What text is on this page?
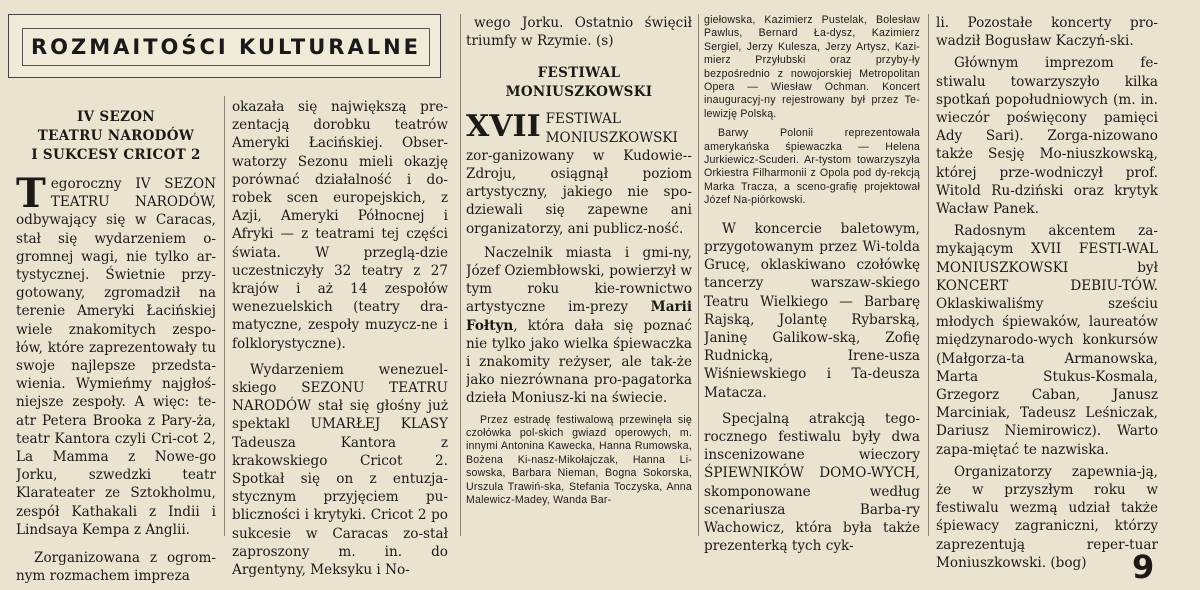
ROZMAITOŚCI KULTURALNE

IV SEZON

TEATRU NARODÓW

I SUKCESY CRICOT 2

Tegoroczny IV SEZON TEATRU NARODÓW, odbywający się w Caracas, stał się wydarzeniem o-gromnej wagi, nie tylko ar-tystycznej. Świetnie przy-gotowany, zgromadził na terenie Ameryki Łacińskiej wiele znakomitych zespo-łów, które zaprezentowały tu swoje najlepsze przedsta-wienia. Wymieńmy najgłoś-niejsze zespoły. A więc: te-atr Petera Brooka z Pary-ża, teatr Kantora czyli Cri-cot 2, La Mamma z Nowe-go Jorku, szwedzki teatr Klarateater ze Sztokholmu, zespół Kathakali z Indii i Lindsaya Kempa z Anglii.

Zorganizowana z ogrom-nym rozmachem impreza

okazała się największą pre-zentacją dorobku teatrów Ameryki Łacińskiej. Obser-watorzy Sezonu mieli okazję porównać działalność i do-robek scen europejskich, z Azji, Ameryki Północnej i Afryki — z teatrami tej części świata. W przeglą-dzie uczestniczyły 32 teatry z 27 krajów i aż 14 zespołów wenezuelskich (teatry dra-matyczne, zespoły muzycz-ne i folklorystyczne).

Wydarzeniem wenezuel-skiego SEZONU TEATRU NARODÓW stał się głośny już spektakl UMARŁEJ KLASY Tadeusza Kantora z krakowskiego Cricot 2. Spotkał się on z entuzja-stycznym przyjęciem pu-bliczności i krytyki. Cricot 2 po sukcesie w Caracas zo-stał zaproszony m. in. do Argentyny, Meksyku i No-

wego Jorku. Ostatnio święcił triumfy w Rzymie. (s)

FESTIWAL

MONIUSZKOWSKI

XVII FESTIWAL MONIUSZKOWSKI zor-ganizowany w Kudowie--Zdroju, osiągnął poziom artystyczny, jakiego nie spo-dziewali się zapewne ani organizatorzy, ani publicz-ność.

Naczelnik miasta i gmi-ny, Józef Oziembłowski, powierzył w tym roku kie-rownictwo artystyczne im-prezy Marii Fołtyn, która dała się poznać nie tylko jako wielka śpiewaczka i znakomity reżyser, ale tak-że jako niezrównana pro-pagatorka dzieła Moniusz-ki na świecie.

Przez estradę festiwalową przewinęła się czołówka pol-skich gwiazd operowych, m. innymi Antonina Kawecka, Hanna Rumowska, Bożena Ki-nasz-Mikołajczak, Hanna Li-sowska, Barbara Nieman, Bogna Sokorska, Urszula Trawiń-ska, Stefania Toczyska, Anna Malewicz-Madey, Wanda Bar-

giełowska, Kazimierz Pustelak, Bolesław Pawlus, Bernard Ła-dysz, Kazimierz Sergiel, Jerzy Kulesza, Jerzy Artysz, Kazi-mierz Przyłubski oraz przyby-ły bezpośrednio z nowojorskiej Metropolitan Opera — Wiesław Ochman. Koncert inauguracyj-ny rejestrowany był przez Te-lewizję Polską.

Barwy Polonii reprezentowała amerykańska śpiewaczka — Helena Jurkiewicz-Scuderi. Ar-tystom towarzyszyła Orkiestra Filharmonii z Opola pod dy-rekcją Marka Tracza, a sceno-grafię projektował Józef Na-piórkowski.

W koncercie baletowym, przygotowanym przez Wi-tolda Grucę, oklaskiwano czołówkę tancerzy warszaw-skiego Teatru Wielkiego — Barbarę Rajską, Jolantę Rybarską, Janinę Galikow-ską, Zofię Rudnicką, Irene-usza Wiśniewskiego i Ta-deusza Matacza.

Specjalną atrakcją tego-rocznego festiwalu były dwa inscenizowane wieczory ŚPIEWNIKÓW DOMO-WYCH, skomponowane według scenariusza Barba-ry Wachowicz, która była także prezenterką tych cyk-

li. Pozostałe koncerty pro-wadził Bogusław Kaczyń-ski.

Głównym imprezom fe-stiwalu towarzyszyło kilka spotkań popołudniowych (m. in. wieczór poświęcony pamięci Ady Sari). Zorga-nizowano także Sesję Mo-niuszkowską, której prze-wodniczył prof. Witold Ru-dziński oraz krytyk Wacław Panek.

Radosnym akcentem za-mykającym XVII FESTI-WAL MONIUSZKOWSKI był KONCERT DEBIU-TÓW. Oklaskiwaliśmy sześciu młodych śpiewaków, laureatów międzynarodo-wych konkursów (Małgorza-ta Armanowska, Marta Stukus-Kosmala, Grzegorz Caban, Janusz Marciniak, Tadeusz Leśniczak, Dariusz Niemirowicz). Warto zapa-miętać te nazwiska.

Organizatorzy zapewnia-ją, że w przyszłym roku w festiwalu wezmą udział także śpiewacy zagraniczni, którzy zaprezentują reper-tuar Moniuszkowski. (bog)	9
